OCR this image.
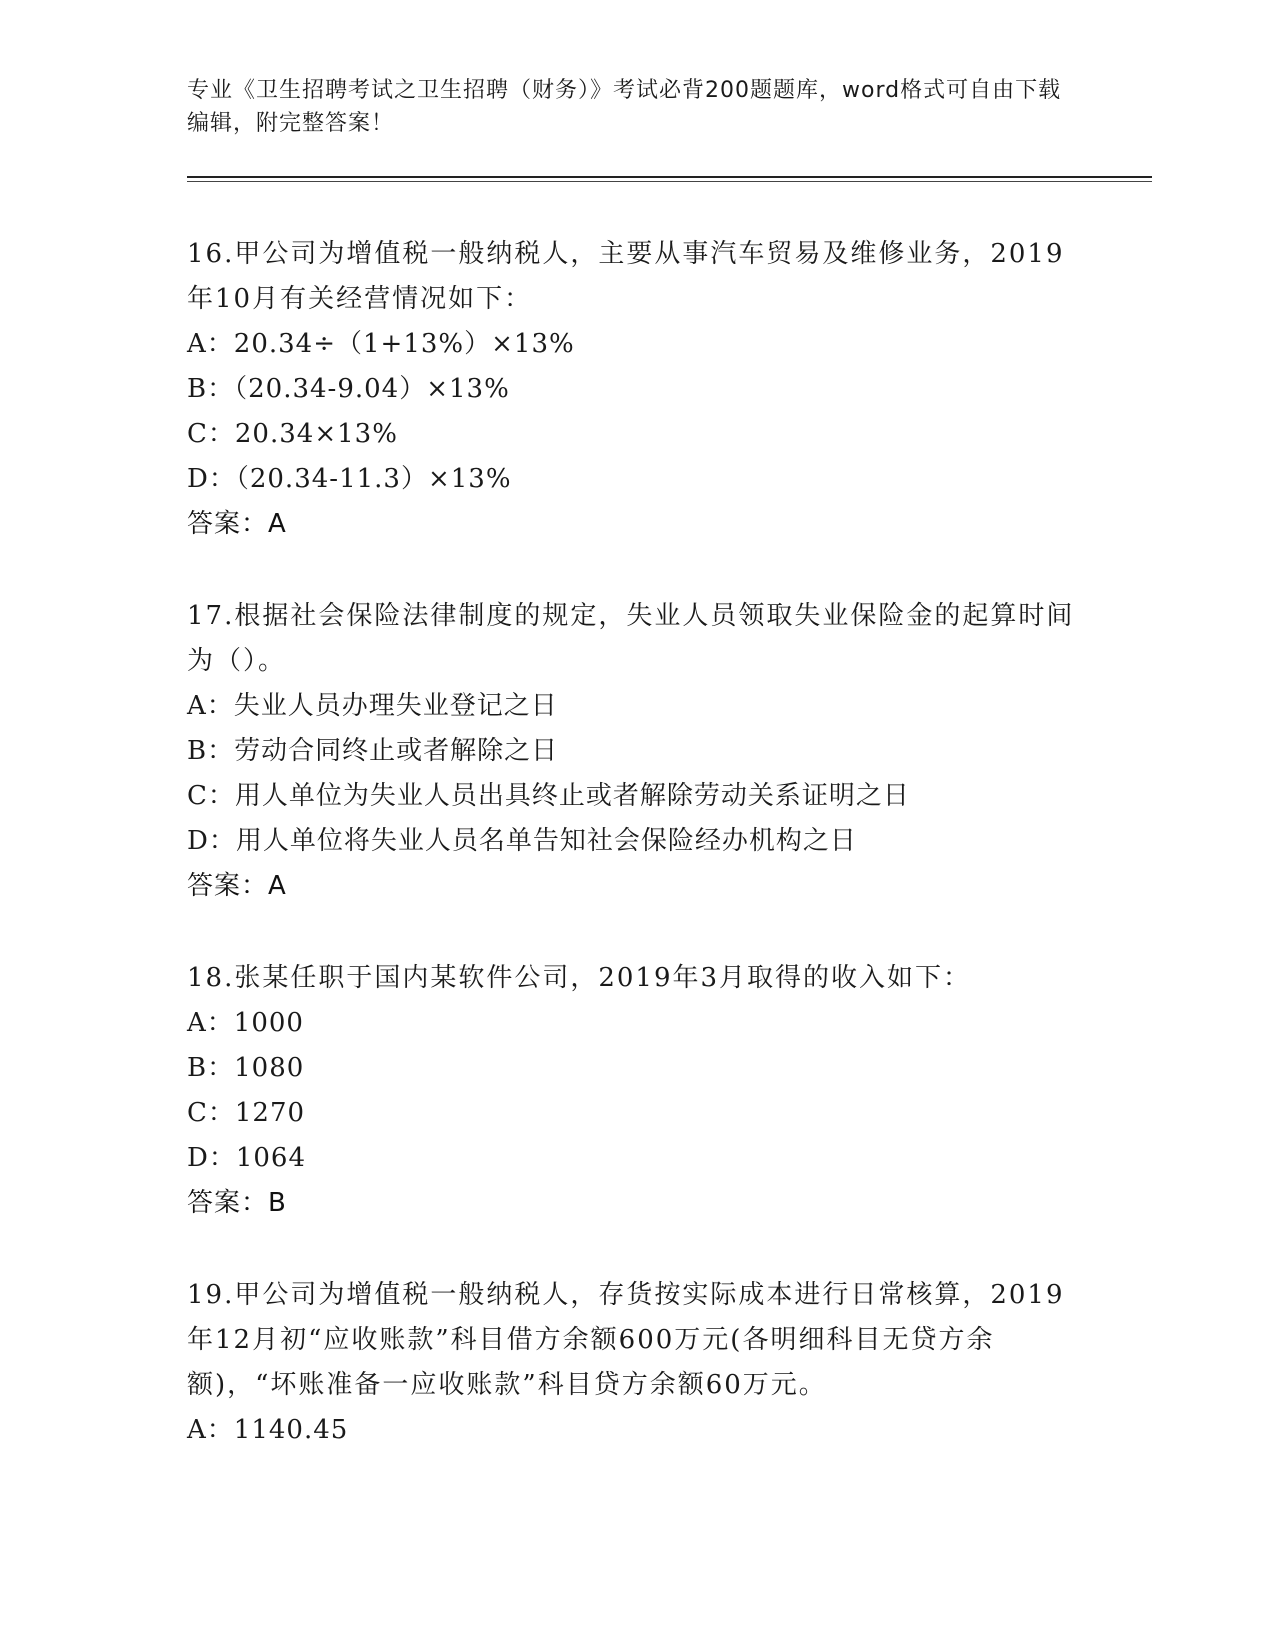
专业《卫生招聘考试之卫生招聘（财务）》考试必背200题题库，word格式可自由下载编辑，附完整答案！

16.甲公司为增值税一般纳税人，主要从事汽车贸易及维修业务，2019年10月有关经营情况如下：

A：20.34÷（1+13%）×13%

B：（20.34-9.04）×13%

C：20.34×13%

D：（20.34-11.3）×13%

答案：A

17.根据社会保险法律制度的规定，失业人员领取失业保险金的起算时间为（）。

A：失业人员办理失业登记之日

B：劳动合同终止或者解除之日

C：用人单位为失业人员出具终止或者解除劳动关系证明之日

D：用人单位将失业人员名单告知社会保险经办机构之日

答案：A

18.张某任职于国内某软件公司，2019年3月取得的收入如下：

A：1000

B：1080

C：1270

D：1064

答案：B

19.甲公司为增值税一般纳税人，存货按实际成本进行日常核算，2019年12月初“应收账款”科目借方余额600万元(各明细科目无贷方余额)，“坏账准备一应收账款”科目贷方余额60万元。

A：1140.45
